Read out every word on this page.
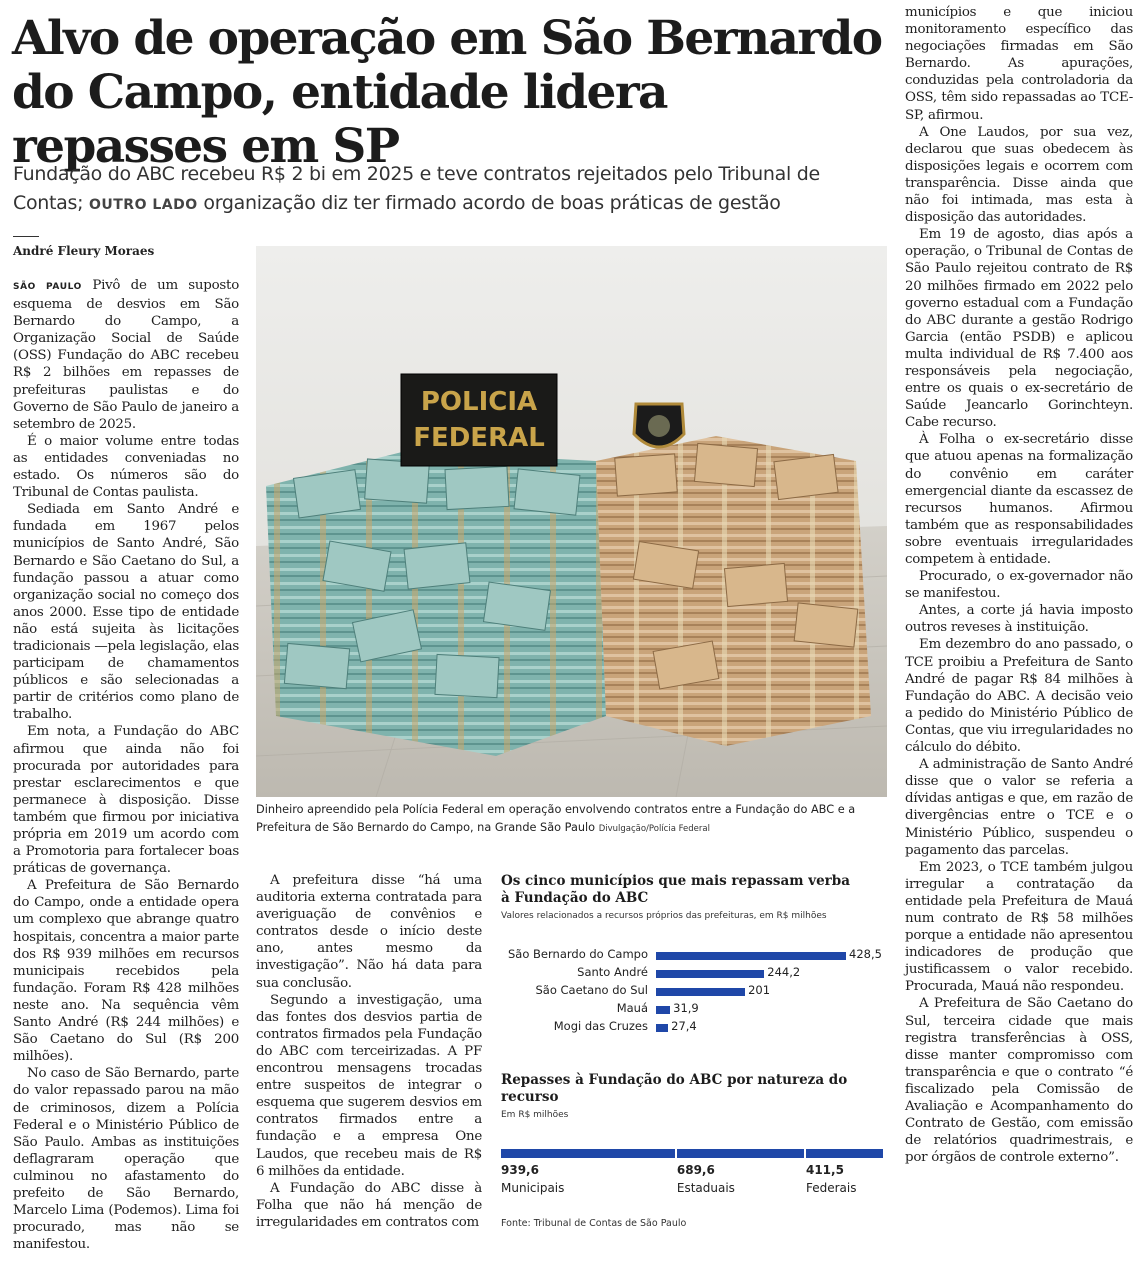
Alvo de operação em São Bernardo do Campo, entidade lidera repasses em SP
Fundação do ABC recebeu R$ 2 bi em 2025 e teve contratos rejeitados pelo Tribunal de Contas; OUTRO LADO organização diz ter firmado acordo de boas práticas de gestão
André Fleury Moraes

SÃO PAULO Pivô de um suposto esquema de desvios em São Bernardo do Campo, a Organização Social de Saúde (OSS) Fundação do ABC recebeu R$ 2 bilhões em repasses de prefeituras paulistas e do Governo de São Paulo de janeiro a setembro de 2025.

É o maior volume entre todas as entidades conveniadas no estado. Os números são do Tribunal de Contas paulista.

Sediada em Santo André e fundada em 1967 pelos municípios de Santo André, São Bernardo e São Caetano do Sul, a fundação passou a atuar como organização social no começo dos anos 2000. Esse tipo de entidade não está sujeita às licitações tradicionais —pela legislação, elas participam de chamamentos públicos e são selecionadas a partir de critérios como plano de trabalho.

Em nota, a Fundação do ABC afirmou que ainda não foi procurada por autoridades para prestar esclarecimentos e que permanece à disposição. Disse também que firmou por iniciativa própria em 2019 um acordo com a Promotoria para fortalecer boas práticas de governança.

A Prefeitura de São Bernardo do Campo, onde a entidade opera um complexo que abrange quatro hospitais, concentra a maior parte dos R$ 939 milhões em recursos municipais recebidos pela fundação. Foram R$ 428 milhões neste ano. Na sequência vêm Santo André (R$ 244 milhões) e São Caetano do Sul (R$ 200 milhões).

No caso de São Bernardo, parte do valor repassado parou na mão de criminosos, dizem a Polícia Federal e o Ministério Público de São Paulo. Ambas as instituições deflagraram operação que culminou no afastamento do prefeito de São Bernardo, Marcelo Lima (Podemos). Lima foi procurado, mas não se manifestou.

POLICIA
FEDERAL
Dinheiro apreendido pela Polícia Federal em operação envolvendo contratos entre a Fundação do ABC e a Prefeitura de São Bernardo do Campo, na Grande São Paulo Divulgação/Polícia Federal

A prefeitura disse “há uma auditoria externa contratada para averiguação de convênios e contratos desde o início deste ano, antes mesmo da investigação”. Não há data para sua conclusão.

Segundo a investigação, uma das fontes dos desvios partia de contratos firmados pela Fundação do ABC com terceirizadas. A PF encontrou mensagens trocadas entre suspeitos de integrar o esquema que sugerem desvios em contratos firmados entre a fundação e a empresa One Laudos, que recebeu mais de R$ 6 milhões da entidade.

A Fundação do ABC disse à Folha que não há menção de irregularidades em contratos com

Os cinco municípios que mais repassam verba à Fundação do ABC
Valores relacionados a recursos próprios das prefeituras, em R$ milhões
São Bernardo do Campo	428,5
Santo André	244,2
São Caetano do Sul	201
Mauá 31,9
Mogi das Cruzes 27,4
Repasses à Fundação do ABC por natureza do recurso
Em R$ milhões
939,6
Municipais
689,6
Estaduais
411,5
Federais
Fonte: Tribunal de Contas de São Paulo

municípios e que iniciou monitoramento específico das negociações firmadas em São Bernardo. As apurações, conduzidas pela controladoria da OSS, têm sido repassadas ao TCE-SP, afirmou.

A One Laudos, por sua vez, declarou que suas obedecem às disposições legais e ocorrem com transparência. Disse ainda que não foi intimada, mas esta à disposição das autoridades.

Em 19 de agosto, dias após a operação, o Tribunal de Contas de São Paulo rejeitou contrato de R$ 20 milhões firmado em 2022 pelo governo estadual com a Fundação do ABC durante a gestão Rodrigo Garcia (então PSDB) e aplicou multa individual de R$ 7.400 aos responsáveis pela negociação, entre os quais o ex-secretário de Saúde Jeancarlo Gorinchteyn. Cabe recurso.

À Folha o ex-secretário disse que atuou apenas na formalização do convênio em caráter emergencial diante da escassez de recursos humanos. Afirmou também que as responsabilidades sobre eventuais irregularidades competem à entidade.

Procurado, o ex-governador não se manifestou.

Antes, a corte já havia imposto outros reveses à instituição.

Em dezembro do ano passado, o TCE proibiu a Prefeitura de Santo André de pagar R$ 84 milhões à Fundação do ABC. A decisão veio a pedido do Ministério Público de Contas, que viu irregularidades no cálculo do débito.

A administração de Santo André disse que o valor se referia a dívidas antigas e que, em razão de divergências entre o TCE e o Ministério Público, suspendeu o pagamento das parcelas.

Em 2023, o TCE também julgou irregular a contratação da entidade pela Prefeitura de Mauá num contrato de R$ 58 milhões porque a entidade não apresentou indicadores de produção que justificassem o valor recebido. Procurada, Mauá não respondeu.

A Prefeitura de São Caetano do Sul, terceira cidade que mais registra transferências à OSS, disse manter compromisso com transparência e que o contrato “é fiscalizado pela Comissão de Avaliação e Acompanhamento do Contrato de Gestão, com emissão de relatórios quadrimestrais, e por órgãos de controle externo”.
